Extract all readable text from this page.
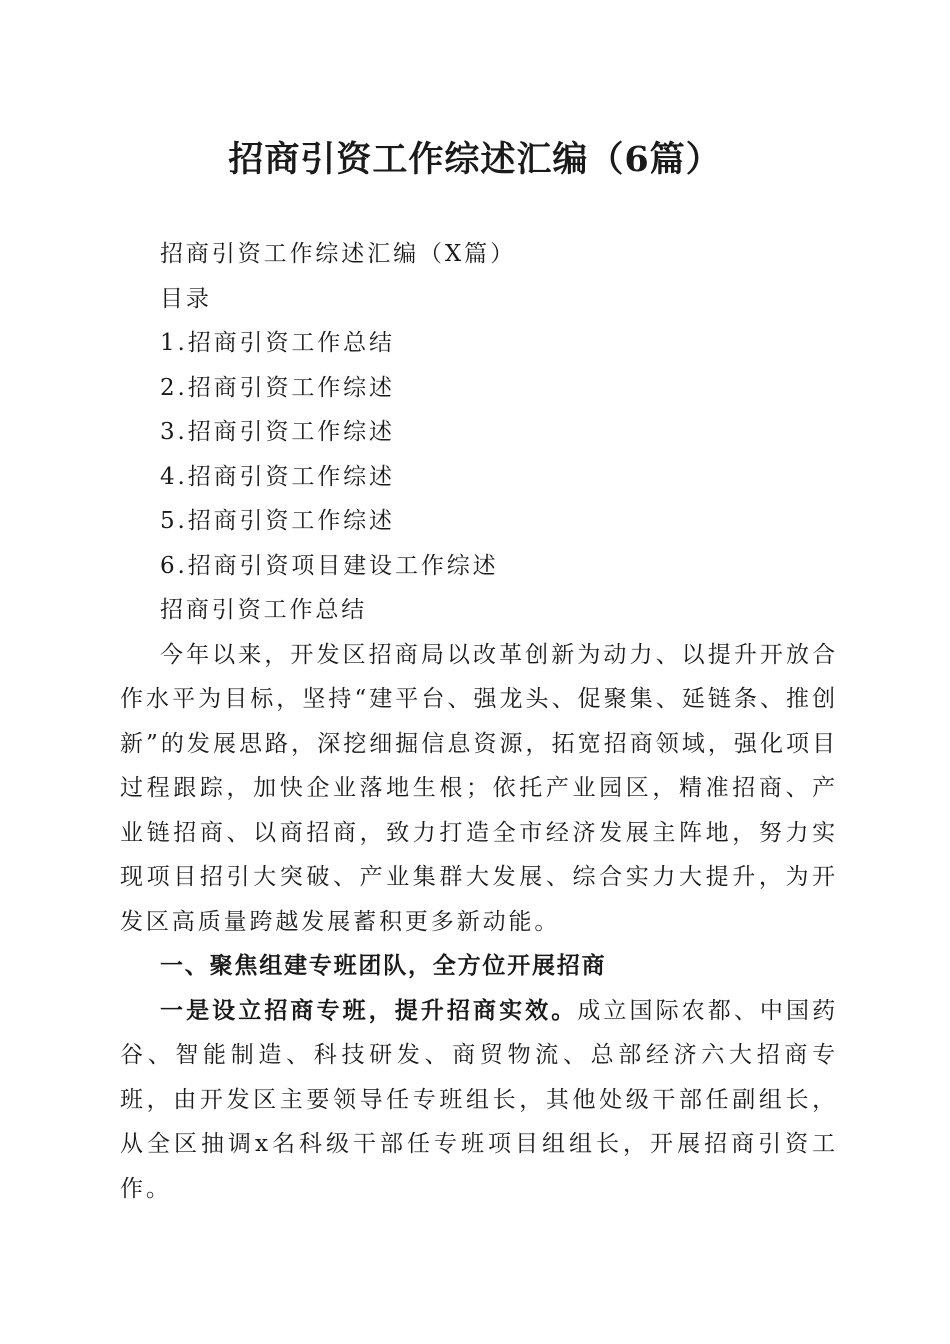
招商引资工作综述汇编（6篇）

招商引资工作综述汇编（X篇）

目录

1.招商引资工作总结

2.招商引资工作综述

3.招商引资工作综述

4.招商引资工作综述

5.招商引资工作综述

6.招商引资项目建设工作综述

招商引资工作总结

今年以来，开发区招商局以改革创新为动力、以提升开放合作水平为目标，坚持“建平台、强龙头、促聚集、延链条、推创新”的发展思路，深挖细掘信息资源，拓宽招商领域，强化项目过程跟踪，加快企业落地生根；依托产业园区，精准招商、产业链招商、以商招商，致力打造全市经济发展主阵地，努力实现项目招引大突破、产业集群大发展、综合实力大提升，为开发区高质量跨越发展蓄积更多新动能。

一、聚焦组建专班团队，全方位开展招商

一是设立招商专班，提升招商实效。成立国际农都、中国药谷、智能制造、科技研发、商贸物流、总部经济六大招商专班，由开发区主要领导任专班组长，其他处级干部任副组长，从全区抽调x名科级干部任专班项目组组长，开展招商引资工作。
